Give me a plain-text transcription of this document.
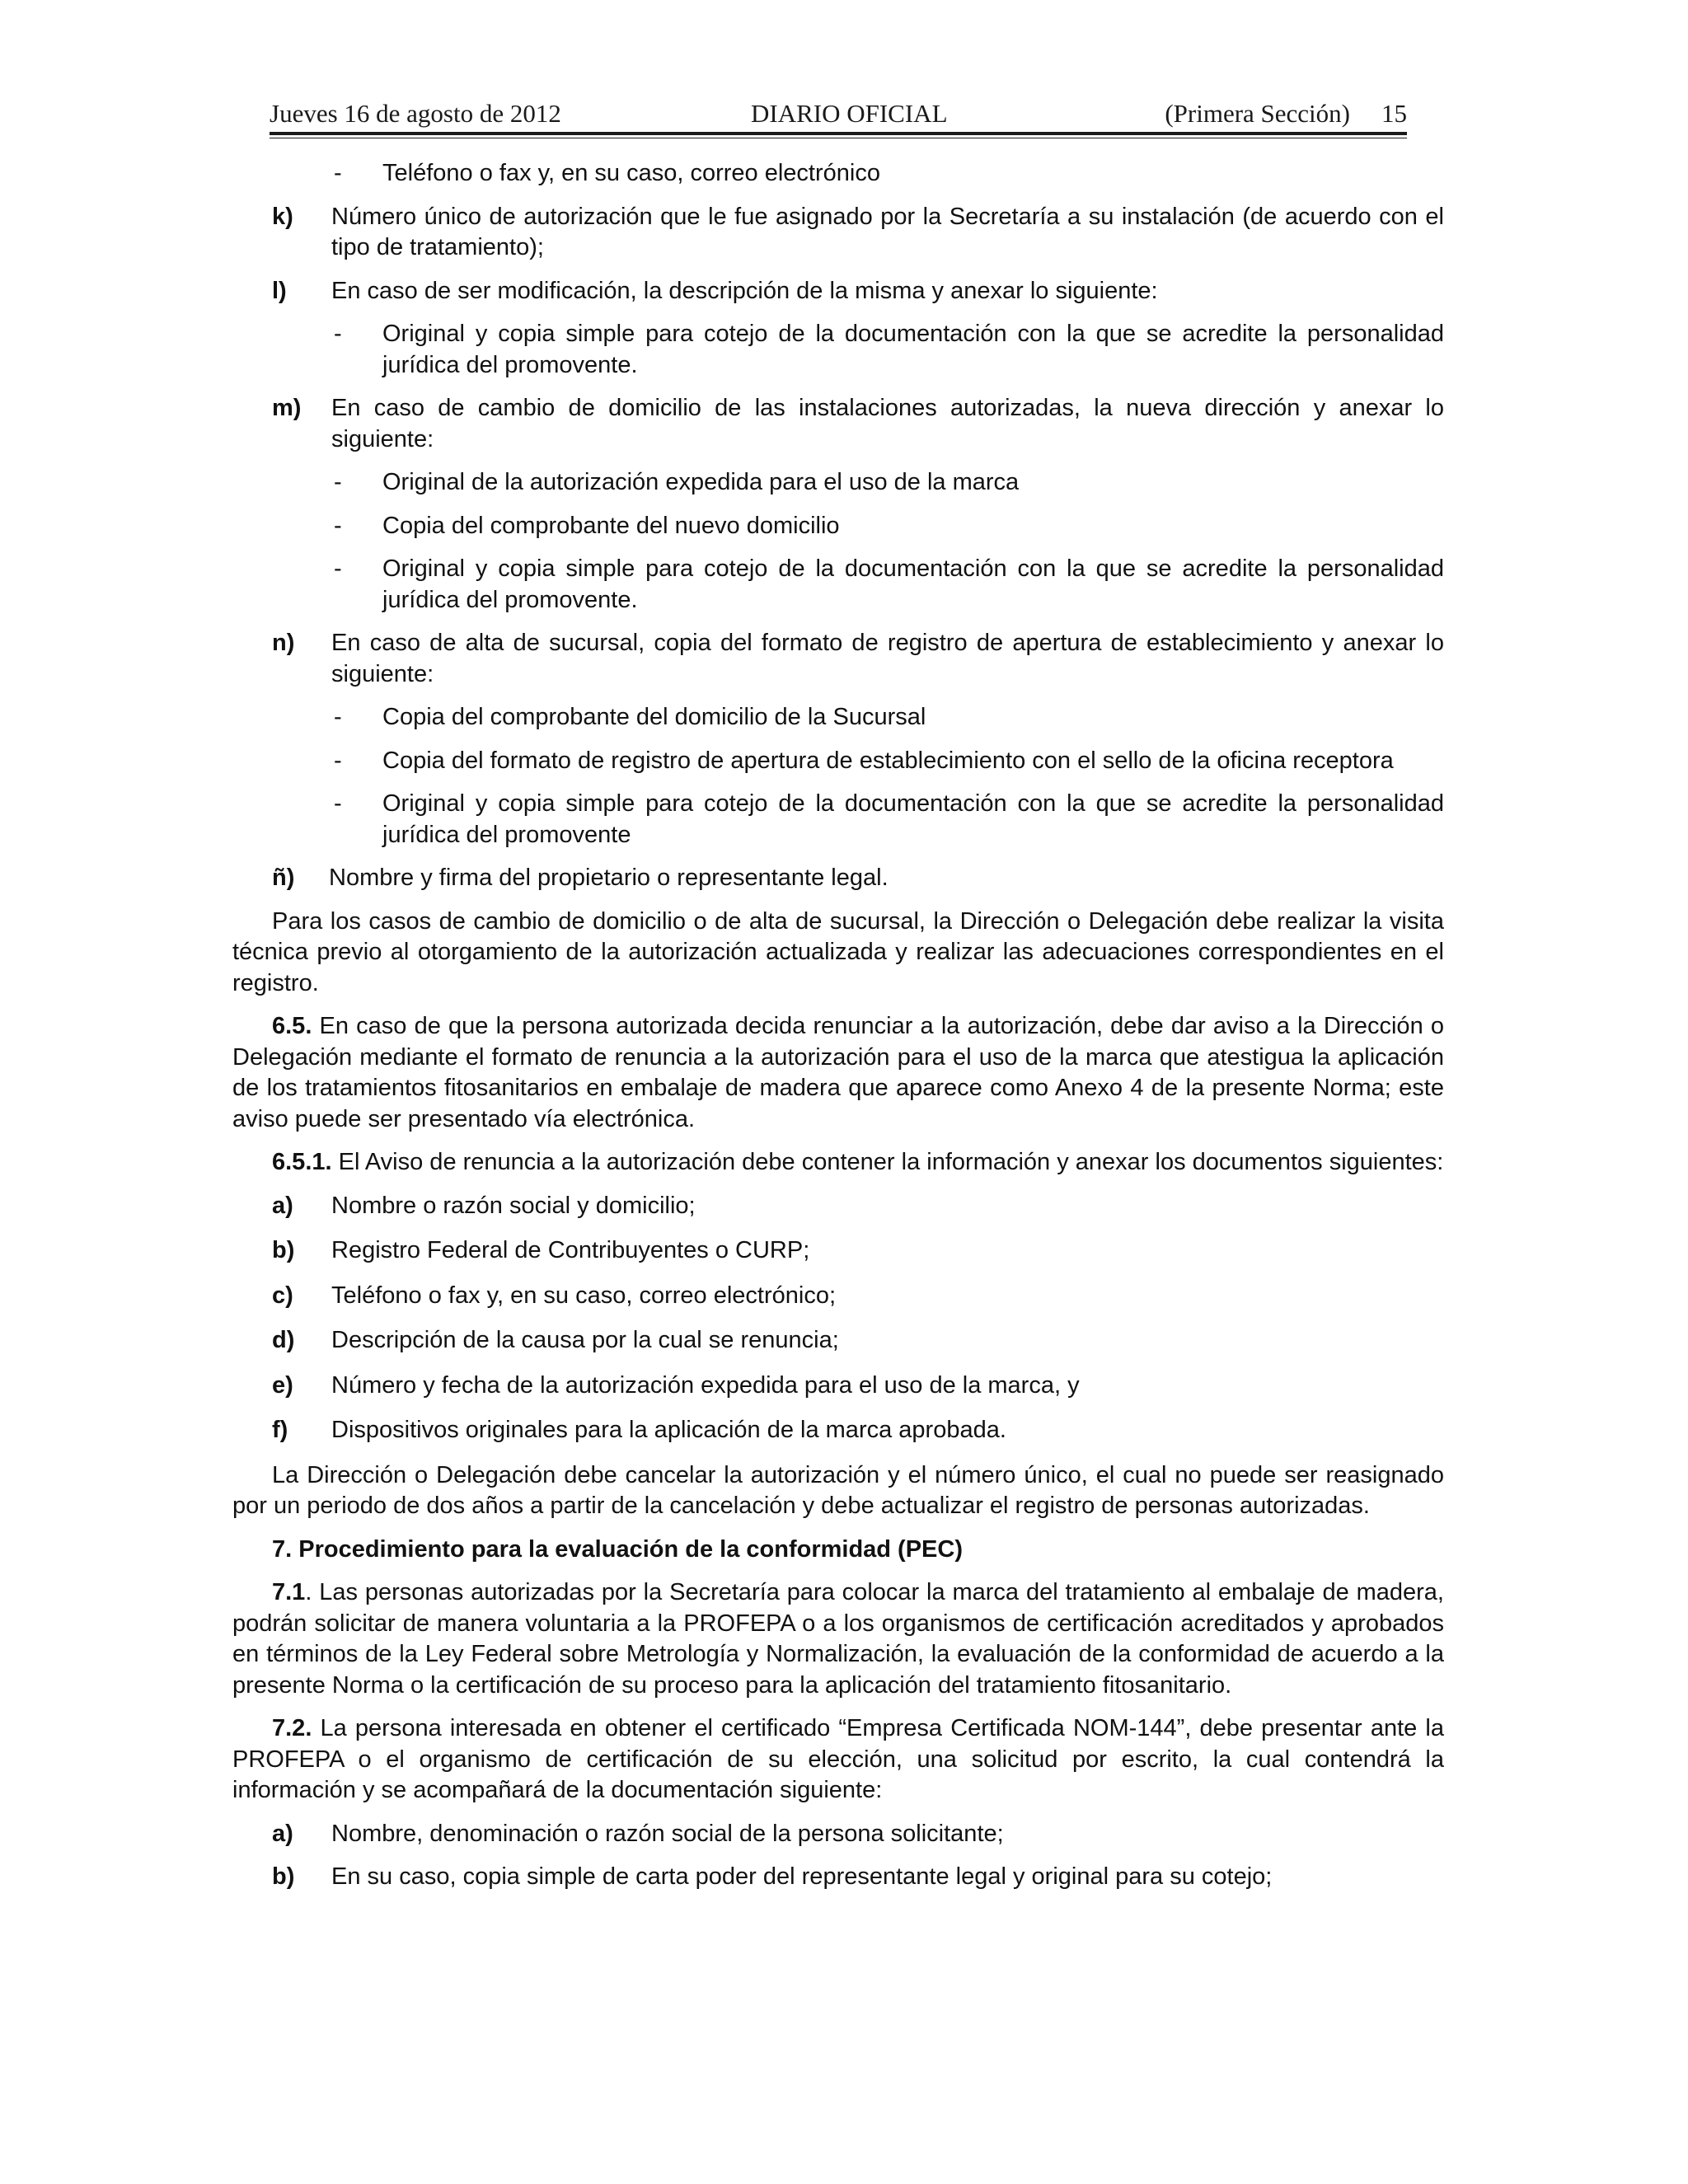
Jueves 16 de agosto de 2012	DIARIO OFICIAL	(Primera Sección) 15
- Teléfono o fax y, en su caso, correo electrónico
k) Número único de autorización que le fue asignado por la Secretaría a su instalación (de acuerdo con el tipo de tratamiento);
l) En caso de ser modificación, la descripción de la misma y anexar lo siguiente:
- Original y copia simple para cotejo de la documentación con la que se acredite la personalidad jurídica del promovente.
m) En caso de cambio de domicilio de las instalaciones autorizadas, la nueva dirección y anexar lo siguiente:
- Original de la autorización expedida para el uso de la marca
- Copia del comprobante del nuevo domicilio
- Original y copia simple para cotejo de la documentación con la que se acredite la personalidad jurídica del promovente.
n) En caso de alta de sucursal, copia del formato de registro de apertura de establecimiento y anexar lo siguiente:
- Copia del comprobante del domicilio de la Sucursal
- Copia del formato de registro de apertura de establecimiento con el sello de la oficina receptora
- Original y copia simple para cotejo de la documentación con la que se acredite la personalidad jurídica del promovente
ñ) Nombre y firma del propietario o representante legal.
Para los casos de cambio de domicilio o de alta de sucursal, la Dirección o Delegación debe realizar la visita técnica previo al otorgamiento de la autorización actualizada y realizar las adecuaciones correspondientes en el registro.
6.5. En caso de que la persona autorizada decida renunciar a la autorización, debe dar aviso a la Dirección o Delegación mediante el formato de renuncia a la autorización para el uso de la marca que atestigua la aplicación de los tratamientos fitosanitarios en embalaje de madera que aparece como Anexo 4 de la presente Norma; este aviso puede ser presentado vía electrónica.
6.5.1. El Aviso de renuncia a la autorización debe contener la información y anexar los documentos siguientes:
a) Nombre o razón social y domicilio;
b) Registro Federal de Contribuyentes o CURP;
c) Teléfono o fax y, en su caso, correo electrónico;
d) Descripción de la causa por la cual se renuncia;
e) Número y fecha de la autorización expedida para el uso de la marca, y
f) Dispositivos originales para la aplicación de la marca aprobada.
La Dirección o Delegación debe cancelar la autorización y el número único, el cual no puede ser reasignado por un periodo de dos años a partir de la cancelación y debe actualizar el registro de personas autorizadas.
7. Procedimiento para la evaluación de la conformidad (PEC)
7.1. Las personas autorizadas por la Secretaría para colocar la marca del tratamiento al embalaje de madera, podrán solicitar de manera voluntaria a la PROFEPA o a los organismos de certificación acreditados y aprobados en términos de la Ley Federal sobre Metrología y Normalización, la evaluación de la conformidad de acuerdo a la presente Norma o la certificación de su proceso para la aplicación del tratamiento fitosanitario.
7.2. La persona interesada en obtener el certificado “Empresa Certificada NOM-144”, debe presentar ante la PROFEPA o el organismo de certificación de su elección, una solicitud por escrito, la cual contendrá la información y se acompañará de la documentación siguiente:
a) Nombre, denominación o razón social de la persona solicitante;
b) En su caso, copia simple de carta poder del representante legal y original para su cotejo;
